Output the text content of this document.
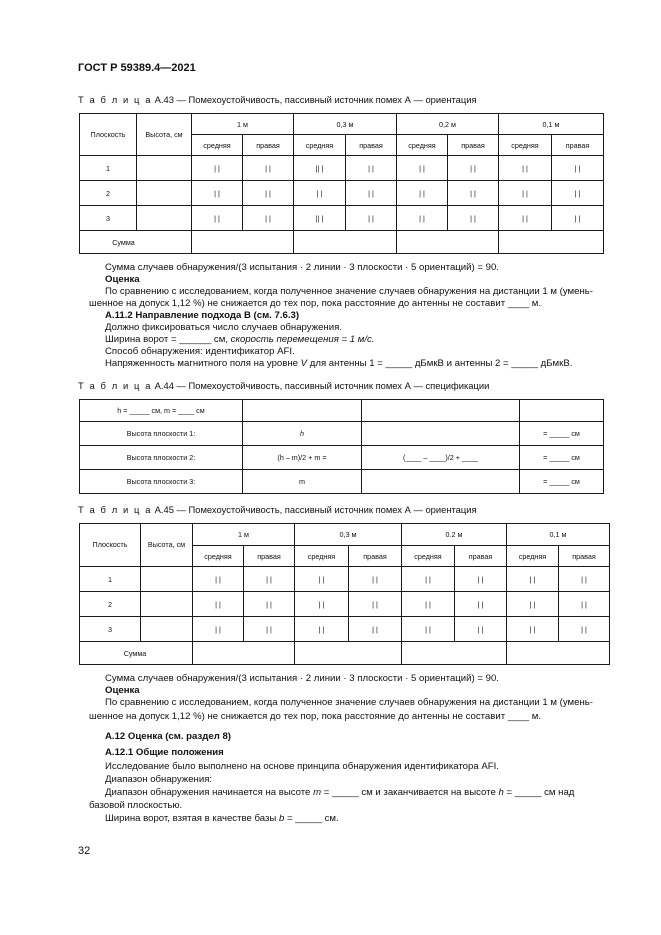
ГОСТ Р 59389.4—2021
Т а б л и ц а А.43 — Помехоустойчивость, пассивный источник помех А — ориентация
Плоскость	Высота, см	1 м		0,3 м		0,2 м		0,1 м	
		средняя	правая	средняя	правая	средняя	правая	средняя	правая
1		| |	| |	|| |	| |	| |	| |	| |	| |
2		| |	| |	| |	| |	| |	| |	| |	| |
3		| |	| |	|| |	| |	| |	| |	| |	| |
Сумма									
Сумма случаев обнаружения/(3 испытания · 2 линии · 3 плоскости · 5 ориентаций) = 90.
Оценка
По сравнению с исследованием, когда полученное значение случаев обнаружения на дистанции 1 м (умень-
шенное на допуск 1,12 %) не снижается до тех пор, пока расстояние до антенны не составит ____ м.
А.11.2 Направление подхода В (см. 7.6.3)
Должно фиксироваться число случаев обнаружения.
Ширина ворот = ______ см, скорость перемещения = 1 м/с.
Способ обнаружения: идентификатор AFI.
Напряженность магнитного поля на уровне V для антенны 1 = _____ дБмкВ и антенны 2 = _____ дБмкВ.
Т а б л и ц а А.44 — Помехоустойчивость, пассивный источник помех А — спецификации
h = _____ см, m = ____ см			
Высота плоскости 1:	h		= _____ см
Высота плоскости 2:	(h – m)/2 + m =	(____ – ____)/2 + ____	= _____ см
Высота плоскости 3:	m		= _____ см
Т а б л и ц а А.45 — Помехоустойчивость, пассивный источник помех А — ориентация
Плоскость	Высота, см	1 м		0,3 м		0.2 м		0,1 м	
		средняя	правая	средняя	правая	средняя	правая	средняя	правая
1		| |	| |	| |	| |	| |	| |	| |	| |
2		| |	| |	| |	| |	| |	| |	| |	| |
3		| |	| |	| |	| |	| |	| |	| |	| |
Сумма									
Сумма случаев обнаружения/(3 испытания · 2 линии · 3 плоскости · 5 ориентаций) = 90.
Оценка
По сравнению с исследованием, когда полученное значение случаев обнаружения на дистанции 1 м (умень-
шенное на допуск 1,12 %) не снижается до тех пор, пока расстояние до антенны не составит ____ м.
А.12 Оценка (см. раздел 8)
А.12.1 Общие положения
Исследование было выполнено на основе принципа обнаружения идентификатора AFI.
Диапазон обнаружения:
Диапазон обнаружения начинается на высоте m = _____ см и заканчивается на высоте h = _____ см над
базовой плоскостью.
Ширина ворот, взятая в качестве базы b = _____ см.
32
